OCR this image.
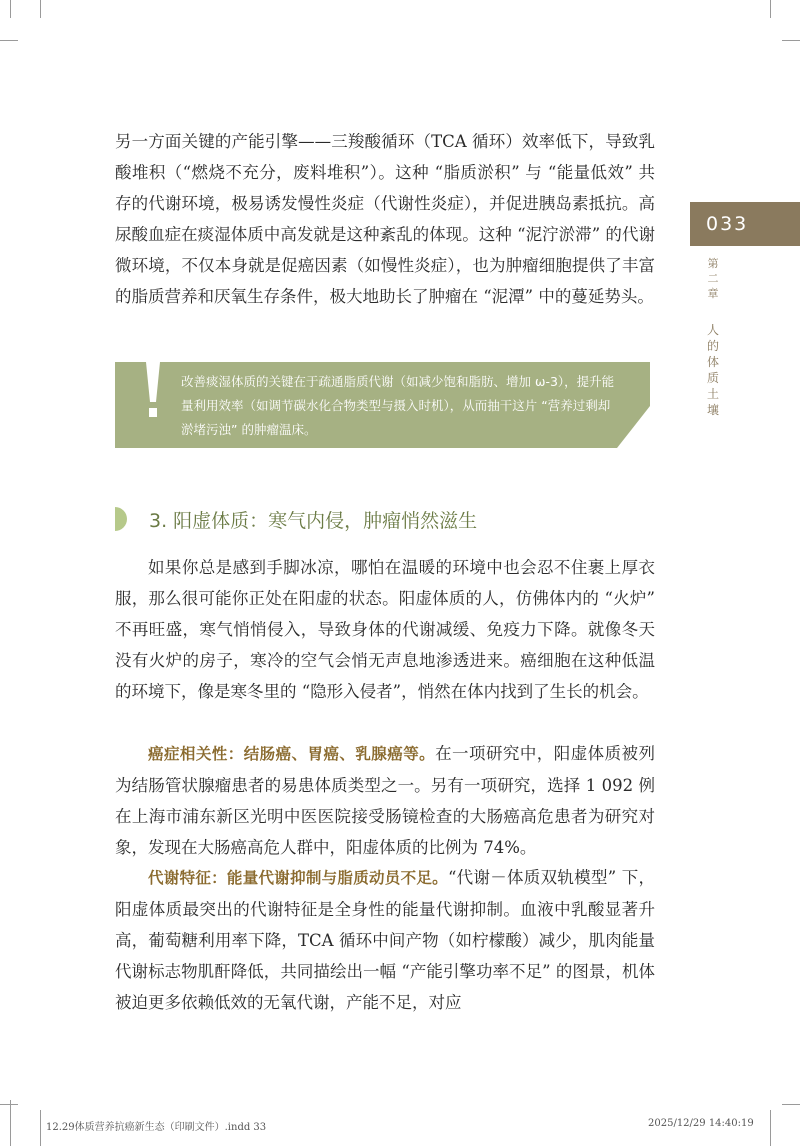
033
第二章
人的体质土壤

另一方面关键的产能引擎——三羧酸循环（TCA 循环）效率低下，导致乳酸堆积（“燃烧不充分，废料堆积”）。这种 “脂质淤积” 与 “能量低效” 共存的代谢环境，极易诱发慢性炎症（代谢性炎症），并促进胰岛素抵抗。高尿酸血症在痰湿体质中高发就是这种紊乱的体现。这种 “泥泞淤滞” 的代谢微环境，不仅本身就是促癌因素（如慢性炎症），也为肿瘤细胞提供了丰富的脂质营养和厌氧生存条件，极大地助长了肿瘤在 “泥潭” 中的蔓延势头。

改善痰湿体质的关键在于疏通脂质代谢（如减少饱和脂肪、增加 ω-3），提升能量利用效率（如调节碳水化合物类型与摄入时机），从而抽干这片 “营养过剩却淤堵污浊” 的肿瘤温床。

3. 阳虚体质：寒气内侵，肿瘤悄然滋生

如果你总是感到手脚冰凉，哪怕在温暖的环境中也会忍不住裹上厚衣服，那么很可能你正处在阳虚的状态。阳虚体质的人，仿佛体内的 “火炉” 不再旺盛，寒气悄悄侵入，导致身体的代谢减缓、免疫力下降。就像冬天没有火炉的房子，寒冷的空气会悄无声息地渗透进来。癌细胞在这种低温的环境下，像是寒冬里的 “隐形入侵者”，悄然在体内找到了生长的机会。

癌症相关性：结肠癌、胃癌、乳腺癌等。在一项研究中，阳虚体质被列为结肠管状腺瘤患者的易患体质类型之一。另有一项研究，选择 1 092 例在上海市浦东新区光明中医医院接受肠镜检查的大肠癌高危患者为研究对象，发现在大肠癌高危人群中，阳虚体质的比例为 74%。

代谢特征：能量代谢抑制与脂质动员不足。“代谢－体质双轨模型” 下，阳虚体质最突出的代谢特征是全身性的能量代谢抑制。血液中乳酸显著升高，葡萄糖利用率下降，TCA 循环中间产物（如柠檬酸）减少，肌肉能量代谢标志物肌酐降低，共同描绘出一幅 “产能引擎功率不足” 的图景，机体被迫更多依赖低效的无氧代谢，产能不足，对应

12.29体质营养抗癌新生态（印刷文件）.indd 33	2025/12/29 14:40:19
